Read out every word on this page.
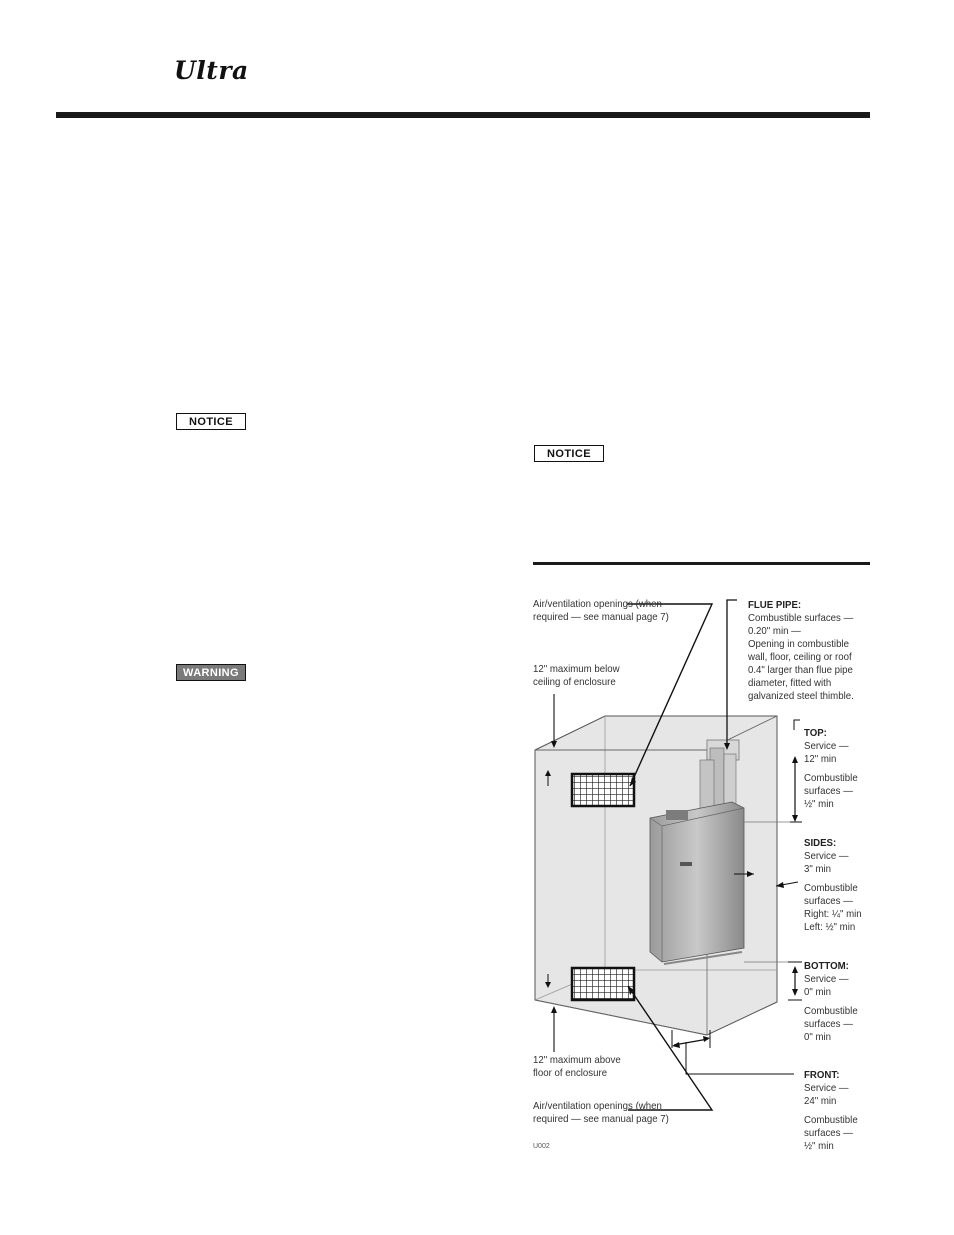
Ultra
NOTICE
WARNING
NOTICE
Air/ventilation openings (when
required — see manual page 7)
12" maximum below
ceiling of enclosure
12" maximum above
floor of enclosure
Air/ventilation openings (when
required — see manual page 7)
FLUE PIPE:
Combustible surfaces —
0.20" min —
Opening in combustible
wall, floor, ceiling or roof
0.4" larger than flue pipe
diameter, fitted with
galvanized steel thimble.
TOP:
Service —
12" min
Combustible
surfaces —
½" min
SIDES:
Service —
3" min
Combustible
surfaces —
Right: ¼" min
Left: ½" min
BOTTOM:
Service —
0" min
Combustible
surfaces —
0" min
FRONT:
Service —
24" min
Combustible
surfaces —
½" min
U002
